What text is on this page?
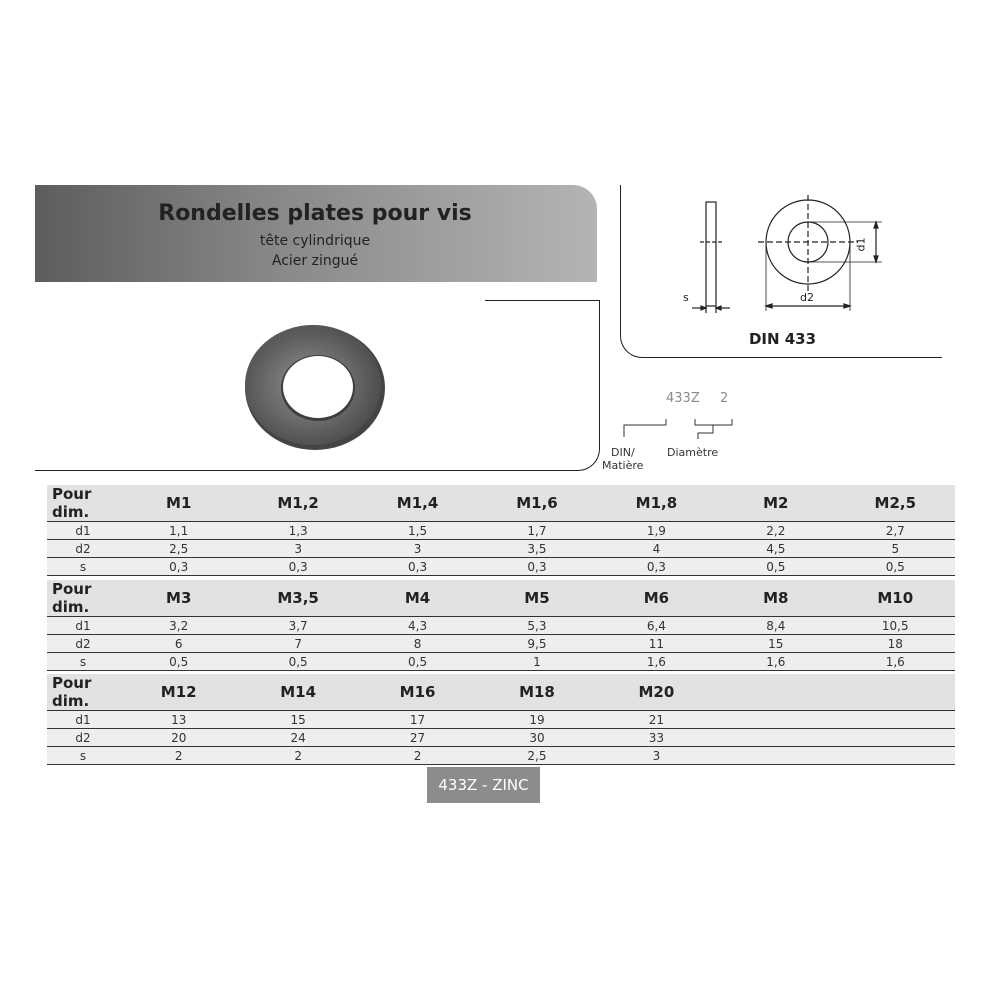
Rondelles plates pour vis
tête cylindrique
Acier zingué
s
d1
d2
DIN 433
433Z 2
DIN/
Matière
Diamètre
Pour dim.	M1	M1,2	M1,4	M1,6	M1,8	M2	M2,5
d1	1,1	1,3	1,5	1,7	1,9	2,2	2,7
d2	2,5	3	3	3,5	4	4,5	5
s	0,3	0,3	0,3	0,3	0,3	0,5	0,5
Pour dim.	M3	M3,5	M4	M5	M6	M8	M10
d1	3,2	3,7	4,3	5,3	6,4	8,4	10,5
d2	6	7	8	9,5	11	15	18
s	0,5	0,5	0,5	1	1,6	1,6	1,6
Pour dim.	M12	M14	M16	M18	M20		
d1	13	15	17	19	21		
d2	20	24	27	30	33		
s	2	2	2	2,5	3		
433Z - ZINC
